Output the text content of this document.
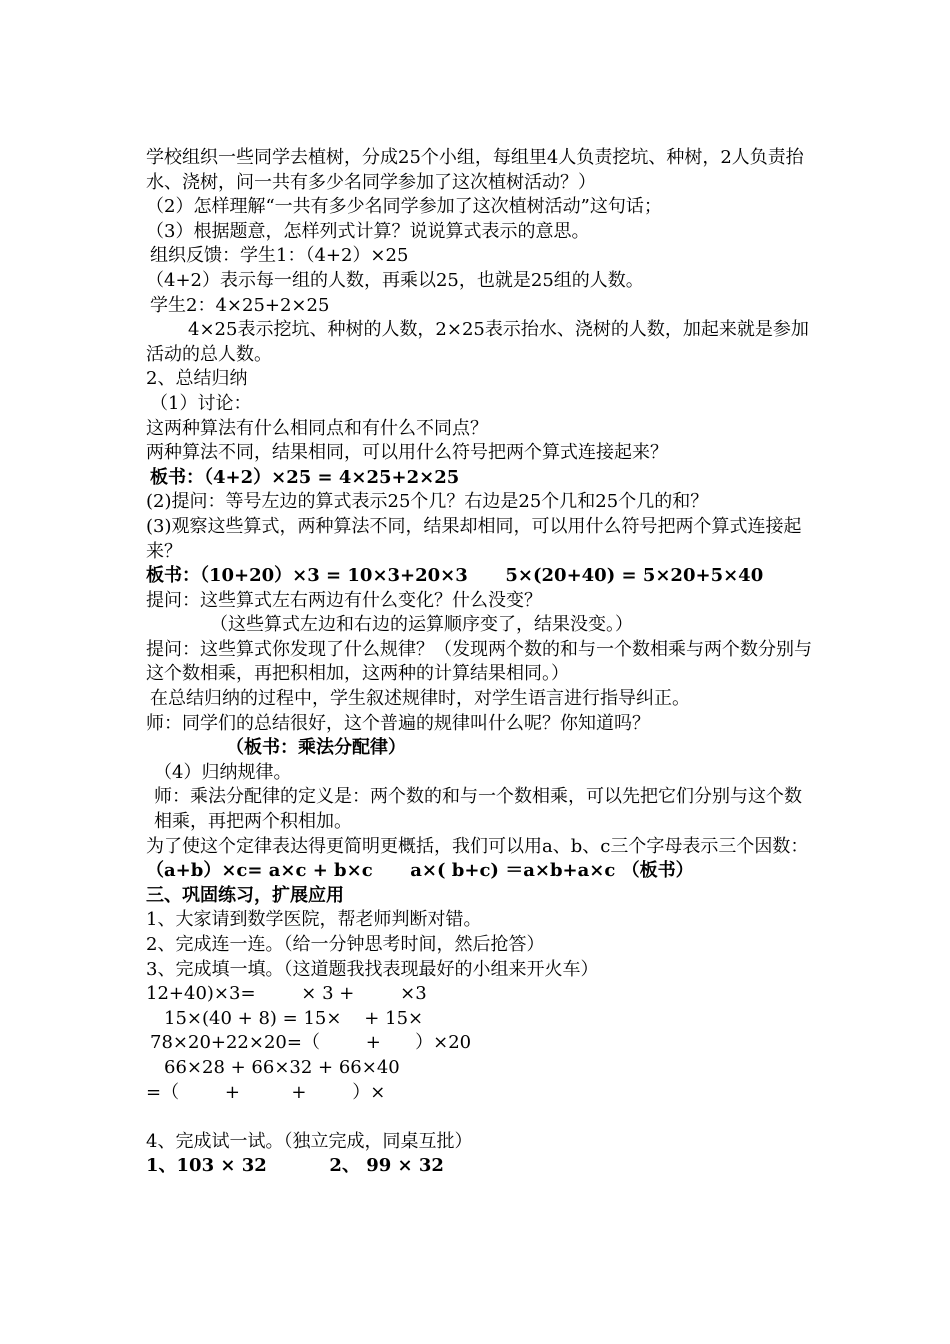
学校组织一些同学去植树，分成25个小组，每组里4人负责挖坑、种树，2人负责抬水、浇树，问一共有多少名同学参加了这次植树活动？）

（2）怎样理解“一共有多少名同学参加了这次植树活动”这句话；

（3）根据题意，怎样列式计算？说说算式表示的意思。

组织反馈：学生1：（4+2）×25

（4+2）表示每一组的人数，再乘以25，也就是25组的人数。

学生2：4×25+2×25

4×25表示挖坑、种树的人数，2×25表示抬水、浇树的人数，加起来就是参加活动的总人数。

2、总结归纳

（1）讨论：

这两种算法有什么相同点和有什么不同点？

两种算法不同，结果相同，可以用什么符号把两个算式连接起来？

板书：（4+2）×25 = 4×25+2×25

(2)提问：等号左边的算式表示25个几？右边是25个几和25个几的和？

(3)观察这些算式，两种算法不同，结果却相同，可以用什么符号把两个算式连接起来？

板书：（10+20）×3 = 10×3+20×3      5×(20+40) = 5×20+5×40

提问：这些算式左右两边有什么变化？什么没变？

（这些算式左边和右边的运算顺序变了，结果没变。）

提问：这些算式你发现了什么规律？（发现两个数的和与一个数相乘与两个数分别与这个数相乘，再把积相加，这两种的计算结果相同。）

在总结归纳的过程中，学生叙述规律时，对学生语言进行指导纠正。

师：同学们的总结很好，这个普遍的规律叫什么呢？你知道吗？

（板书：乘法分配律）

（4）归纳规律。

师：乘法分配律的定义是：两个数的和与一个数相乘，可以先把它们分别与这个数相乘，再把两个积相加。

为了使这个定律表达得更简明更概括，我们可以用a、b、c三个字母表示三个因数：（a+b）×c= a×c + b×c      a×( b+c) ＝a×b+a×c （板书）

三、巩固练习，扩展应用

1、大家请到数学医院，帮老师判断对错。

2、完成连一连。（给一分钟思考时间，然后抢答）

3、完成填一填。（这道题我找表现最好的小组来开火车）

12+40)×3=        × 3 +        ×3

15×(40 + 8) = 15×    + 15×

78×20+22×20=（        +      ）×20

66×28 + 66×32 + 66×40

=（        +         +        ）×

4、完成试一试。（独立完成，同桌互批）

1、103 × 32          2、 99 × 32
